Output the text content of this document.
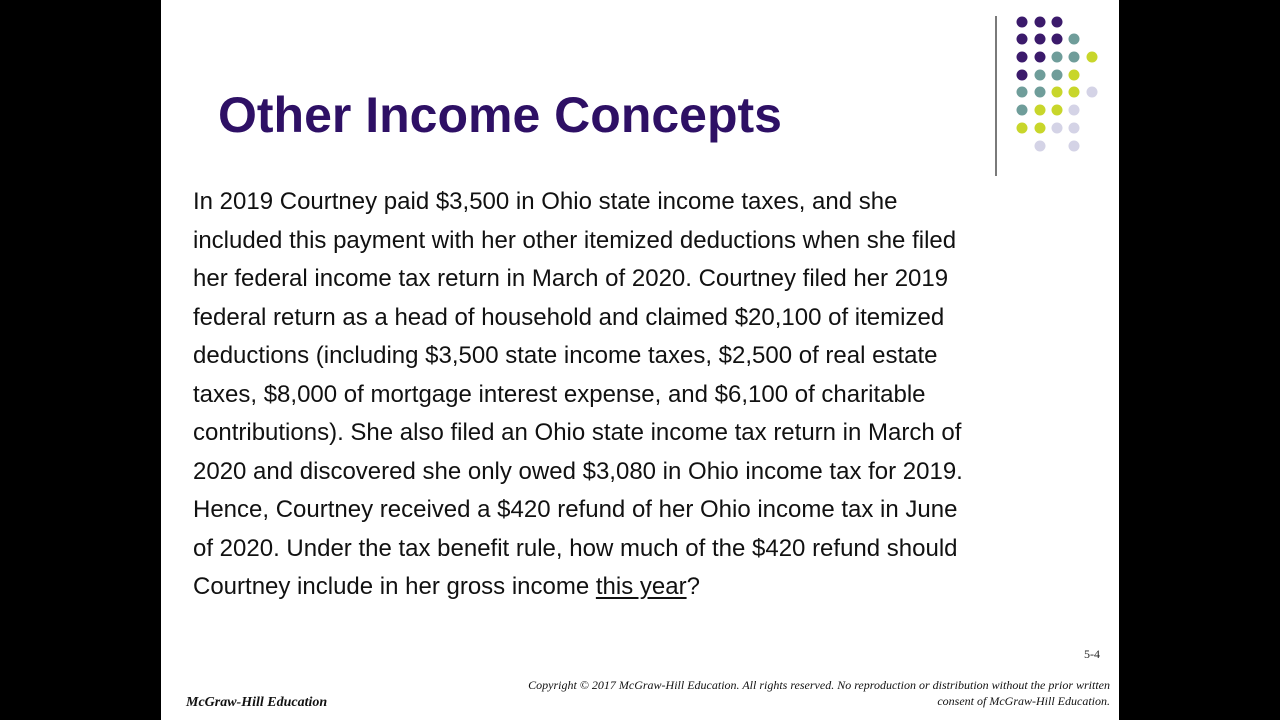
Other Income Concepts

In 2019 Courtney paid $3,500 in Ohio state income taxes, and she
included this payment with her other itemized deductions when she filed
her federal income tax return in March of 2020. Courtney filed her 2019
federal return as a head of household and claimed $20,100 of itemized
deductions (including $3,500 state income taxes, $2,500 of real estate
taxes, $8,000 of mortgage interest expense, and $6,100 of charitable
contributions). She also filed an Ohio state income tax return in March of
2020 and discovered she only owed $3,080 in Ohio income tax for 2019.
Hence, Courtney received a $420 refund of her Ohio income tax in June
of 2020. Under the tax benefit rule, how much of the $420 refund should
Courtney include in her gross income this year?

5-4
McGraw-Hill Education
Copyright © 2017 McGraw-Hill Education. All rights reserved. No reproduction or distribution without the prior written
consent of McGraw-Hill Education.
